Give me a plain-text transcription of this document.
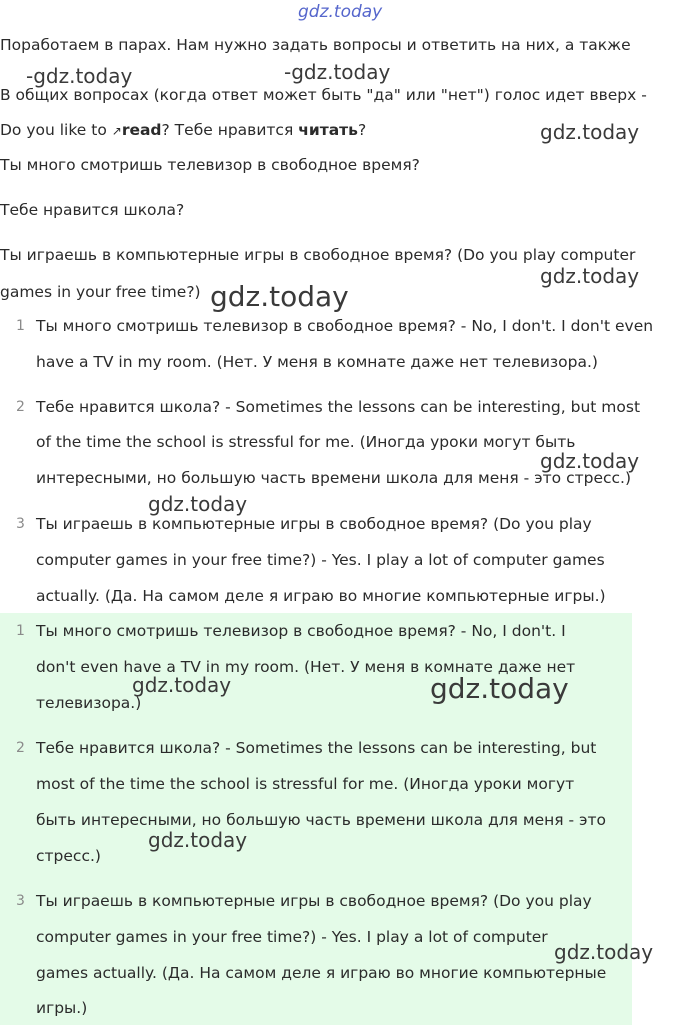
gdz.today
Поработаем в парах. Нам нужно задать вопросы и ответить на них, а также
-gdz.today	-gdz.today
В общих вопросах (когда ответ может быть "да" или "нет") голос идет вверх -
Do you like to ↗read? Тебе нравится читать?	gdz.today
Ты много смотришь телевизор в свободное время?
Тебе нравится школа?
Ты играешь в компьютерные игры в свободное время? (Do you play computer
gdz.today
games in your free time?) gdz.today
1 Ты много смотришь телевизор в свободное время? - No, I don't. I don't even
have a TV in my room. (Нет. У меня в комнате даже нет телевизора.)
2 Тебе нравится школа? - Sometimes the lessons can be interesting, but most
of the time the school is stressful for me. (Иногда уроки могут быть
gdz.today
интересными, но большую часть времени школа для меня - это стресс.)
gdz.today
3 Ты играешь в компьютерные игры в свободное время? (Do you play
computer games in your free time?) - Yes. I play a lot of computer games
actually. (Да. На самом деле я играю во многие компьютерные игры.)
1 Ты много смотришь телевизор в свободное время? - No, I don't. I
don't even have a TV in my room. (Нет. У меня в комнате даже нет
gdz.today	gdz.today
телевизора.)
2 Тебе нравится школа? - Sometimes the lessons can be interesting, but
most of the time the school is stressful for me. (Иногда уроки могут
быть интересными, но большую часть времени школа для меня - это
gdz.today
стресс.)
3 Ты играешь в компьютерные игры в свободное время? (Do you play
computer games in your free time?) - Yes. I play a lot of computer
gdz.today
games actually. (Да. На самом деле я играю во многие компьютерные
игры.)
